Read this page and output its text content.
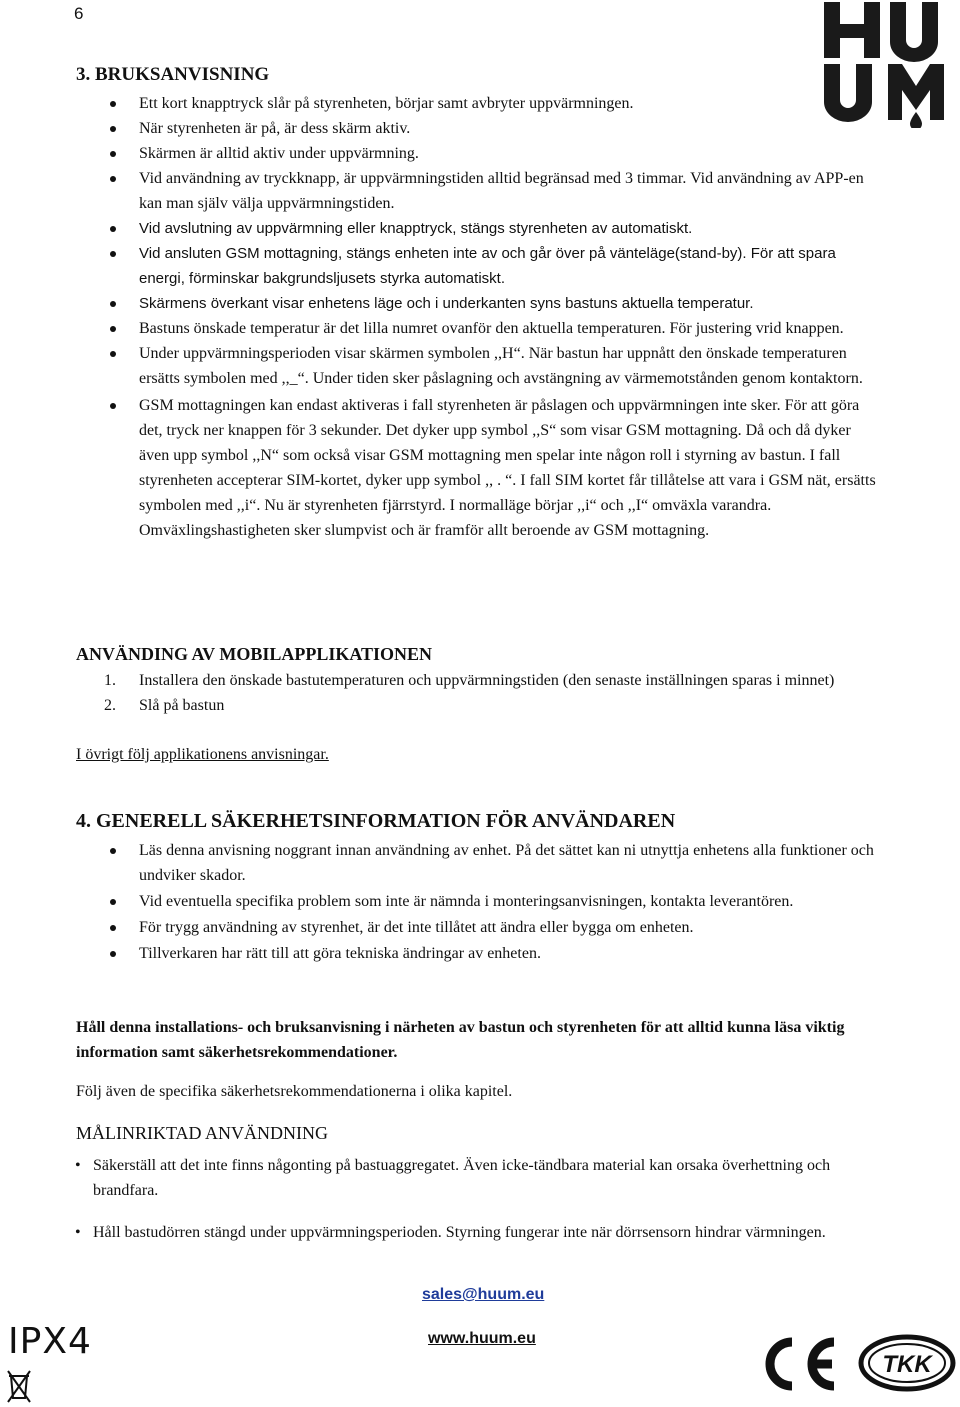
6
3. BRUKSANVISNING
Ett kort knapptryck slår på styrenheten, börjar samt avbryter uppvärmningen.
När styrenheten är på, är dess skärm aktiv.
Skärmen är alltid aktiv under uppvärmning.
Vid användning av tryckknapp, är uppvärmningstiden alltid begränsad med 3 timmar. Vid användning av APP-en kan man själv välja uppvärmningstiden.
Vid avslutning av uppvärmning eller knapptryck, stängs styrenheten av automatiskt.
Vid ansluten GSM mottagning, stängs enheten inte av och går över på vänteläge(stand-by). För att spara energi, förminskar bakgrundsljusets styrka automatiskt.
Skärmens överkant visar enhetens läge och i underkanten syns bastuns aktuella temperatur.
Bastuns önskade temperatur är det lilla numret ovanför den aktuella temperaturen. För justering vrid knappen.
Under uppvärmningsperioden visar skärmen symbolen ,,H“. När bastun har uppnått den önskade temperaturen ersätts symbolen med ,,_“. Under tiden sker påslagning och avstängning av värmemotstånden genom kontaktorn.
GSM mottagningen kan endast aktiveras i fall styrenheten är påslagen och uppvärmningen inte sker. För att göra det, tryck ner knappen för 3 sekunder. Det dyker upp symbol ,,S“ som visar GSM mottagning. Då och då dyker även upp symbol ,,N“ som också visar GSM mottagning men spelar inte någon roll i styrning av bastun. I fall styrenheten accepterar SIM-kortet, dyker upp symbol ,, . “. I fall SIM kortet får tillåtelse att vara i GSM nät, ersätts symbolen med ,,i“. Nu är styrenheten fjärrstyrd. I normalläge börjar ,,i“ och ,,I“ omväxla varandra. Omväxlingshastigheten sker slumpvist och är framför allt beroende av GSM mottagning.
ANVÄNDING AV MOBILAPPLIKATIONEN
1.	Installera den önskade bastutemperaturen och uppvärmningstiden (den senaste inställningen sparas i minnet)
2.	Slå på bastun
I övrigt följ applikationens anvisningar.
4. GENERELL SÄKERHETSINFORMATION FÖR ANVÄNDAREN
Läs denna anvisning noggrant innan användning av enhet. På det sättet kan ni utnyttja enhetens alla funktioner och undviker skador.
Vid eventuella specifika problem som inte är nämnda i monteringsanvisningen, kontakta leverantören.
För trygg användning av styrenhet, är det inte tillåtet att ändra eller bygga om enheten.
Tillverkaren har rätt till att göra tekniska ändringar av enheten.
Håll denna installations- och bruksanvisning i närheten av bastun och styrenheten för att alltid kunna läsa viktig information samt säkerhetsrekommendationer.
Följ även de specifika säkerhetsrekommendationerna i olika kapitel.
MÅLINRIKTAD ANVÄNDNING
• Säkerställ att det inte finns någonting på bastuaggregatet. Även icke-tändbara material kan orsaka överhettning och brandfara.
• Håll bastudörren stängd under uppvärmningsperioden. Styrning fungerar inte när dörrsensorn hindrar värmningen.
sales@huum.eu
www.huum.eu
IPX4
TKK
